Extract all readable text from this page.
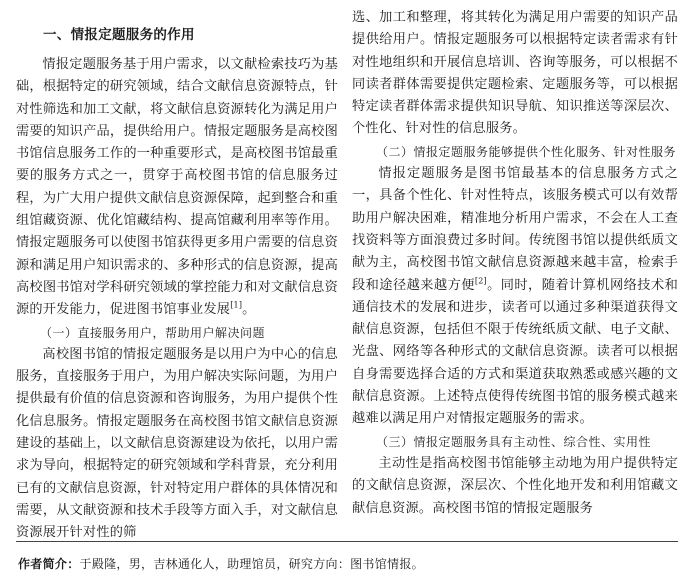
一、情报定题服务的作用

情报定题服务基于用户需求，以文献检索技巧为基础，根据特定的研究领域，结合文献信息资源特点，针对性筛选和加工文献，将文献信息资源转化为满足用户需要的知识产品，提供给用户。情报定题服务是高校图书馆信息服务工作的一种重要形式，是高校图书馆最重要的服务方式之一，贯穿于高校图书馆的信息服务过程，为广大用户提供文献信息资源保障，起到整合和重组馆藏资源、优化馆藏结构、提高馆藏利用率等作用。情报定题服务可以使图书馆获得更多用户需要的信息资源和满足用户知识需求的、多种形式的信息资源，提高高校图书馆对学科研究领域的掌控能力和对文献信息资源的开发能力，促进图书馆事业发展[1]。

（一）直接服务用户，帮助用户解决问题

高校图书馆的情报定题服务是以用户为中心的信息服务，直接服务于用户，为用户解决实际问题，为用户提供最有价值的信息资源和咨询服务，为用户提供个性化信息服务。情报定题服务在高校图书馆文献信息资源建设的基础上，以文献信息资源建设为依托，以用户需求为导向，根据特定的研究领域和学科背景，充分利用已有的文献信息资源，针对特定用户群体的具体情况和需要，从文献资源和技术手段等方面入手，对文献信息资源展开针对性的筛

选、加工和整理，将其转化为满足用户需要的知识产品提供给用户。情报定题服务可以根据特定读者需求有针对性地组织和开展信息培训、咨询等服务，可以根据不同读者群体需要提供定题检索、定题服务等，可以根据特定读者群体需求提供知识导航、知识推送等深层次、个性化、针对性的信息服务。

（二）情报定题服务能够提供个性化服务、针对性服务

情报定题服务是图书馆最基本的信息服务方式之一，具备个性化、针对性特点，该服务模式可以有效帮助用户解决困难，精准地分析用户需求，不会在人工查找资料等方面浪费过多时间。传统图书馆以提供纸质文献为主，高校图书馆文献信息资源越来越丰富，检索手段和途径越来越方便[2]。同时，随着计算机网络技术和通信技术的发展和进步，读者可以通过多种渠道获得文献信息资源，包括但不限于传统纸质文献、电子文献、光盘、网络等各种形式的文献信息资源。读者可以根据自身需要选择合适的方式和渠道获取熟悉或感兴趣的文献信息资源。上述特点使得传统图书馆的服务模式越来越难以满足用户对情报定题服务的需求。

（三）情报定题服务具有主动性、综合性、实用性

主动性是指高校图书馆能够主动地为用户提供特定的文献信息资源，深层次、个性化地开发和利用馆藏文献信息资源。高校图书馆的情报定题服务

作者简介：于殿隆，男，吉林通化人，助理馆员，研究方向：图书馆情报。
